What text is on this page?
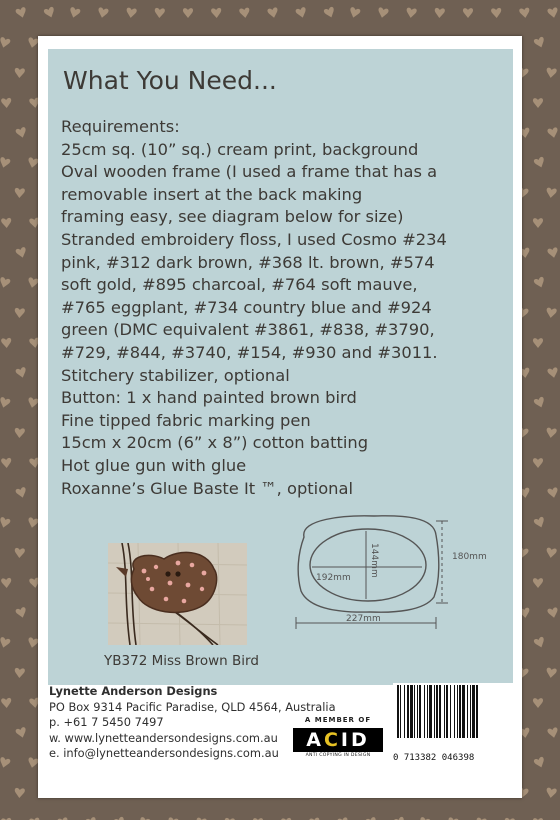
What You Need...
Requirements:
25cm sq. (10” sq.) cream print, background
Oval wooden frame (I used a frame that has a
removable insert at the back making
framing easy, see diagram below for size)
Stranded embroidery floss, I used Cosmo #234
pink, #312 dark brown, #368 lt. brown, #574
soft gold, #895 charcoal, #764 soft mauve,
#765 eggplant, #734 country blue and #924
green (DMC equivalent #3861, #838, #3790,
#729, #844, #3740, #154, #930 and #3011.
Stitchery stabilizer, optional
Button: 1 x hand painted brown bird
Fine tipped fabric marking pen
15cm x 20cm (6” x 8”) cotton batting
Hot glue gun with glue
Roxanne’s Glue Baste It ™, optional
YB372 Miss Brown Bird
180mm
144mm
192mm
227mm
Lynette Anderson Designs
PO Box 9314 Pacific Paradise, QLD 4564, Australia
p. +61 7 5450 7497
w. www.lynetteandersondesigns.com.au
e. info@lynetteandersondesigns.com.au
A MEMBER OF
ACID
ANTI COPYING IN DESIGN	0 713382 046398
